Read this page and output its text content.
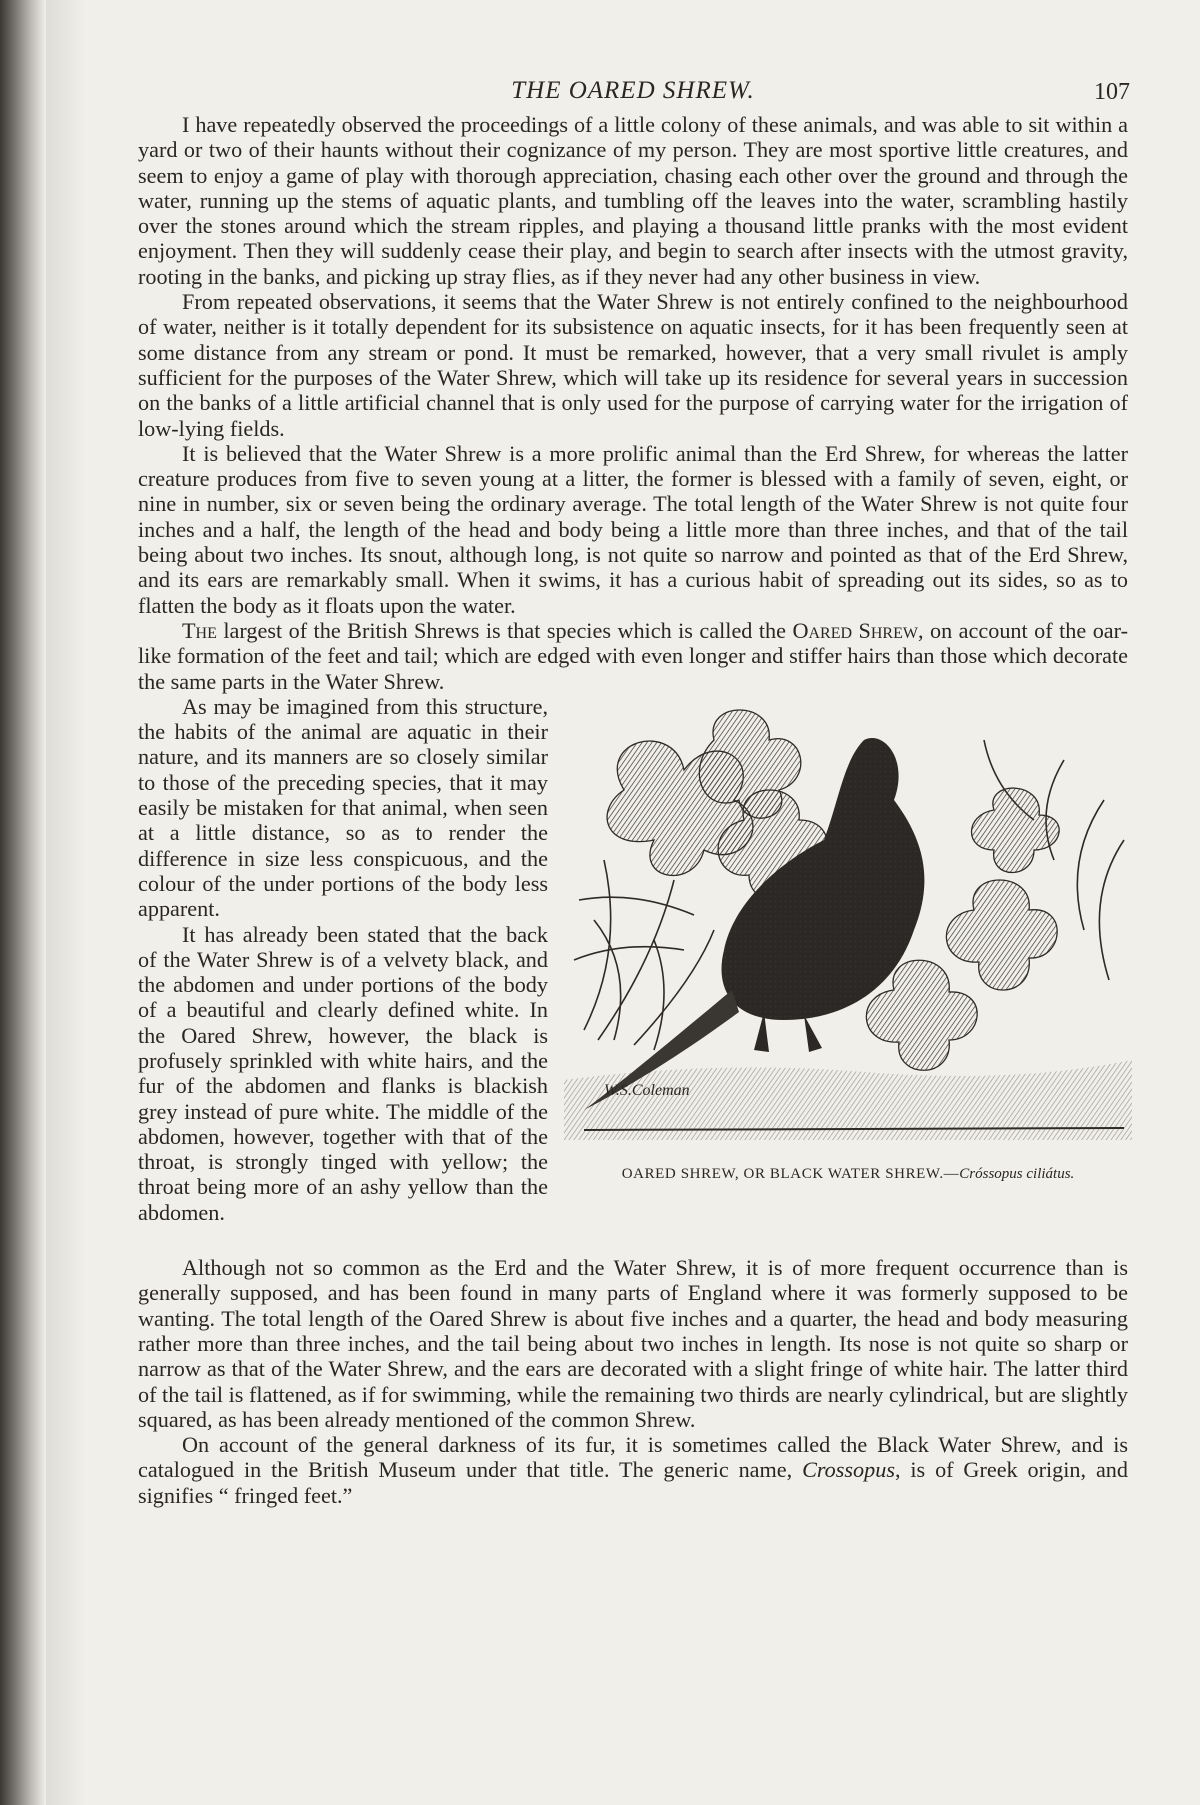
THE OARED SHREW.	107

I have repeatedly observed the proceedings of a little colony of these animals, and was able to sit within a yard or two of their haunts without their cognizance of my person. They are most sportive little creatures, and seem to enjoy a game of play with thorough appreciation, chasing each other over the ground and through the water, running up the stems of aquatic plants, and tumbling off the leaves into the water, scrambling hastily over the stones around which the stream ripples, and playing a thousand little pranks with the most evident enjoyment. Then they will suddenly cease their play, and begin to search after insects with the utmost gravity, rooting in the banks, and picking up stray flies, as if they never had any other business in view.

From repeated observations, it seems that the Water Shrew is not entirely confined to the neighbourhood of water, neither is it totally dependent for its subsistence on aquatic insects, for it has been frequently seen at some distance from any stream or pond. It must be remarked, however, that a very small rivulet is amply sufficient for the purposes of the Water Shrew, which will take up its residence for several years in succession on the banks of a little artificial channel that is only used for the purpose of carrying water for the irrigation of low-lying fields.

It is believed that the Water Shrew is a more prolific animal than the Erd Shrew, for whereas the latter creature produces from five to seven young at a litter, the former is blessed with a family of seven, eight, or nine in number, six or seven being the ordinary average. The total length of the Water Shrew is not quite four inches and a half, the length of the head and body being a little more than three inches, and that of the tail being about two inches. Its snout, although long, is not quite so narrow and pointed as that of the Erd Shrew, and its ears are remarkably small. When it swims, it has a curious habit of spreading out its sides, so as to flatten the body as it floats upon the water.

The largest of the British Shrews is that species which is called the Oared Shrew, on account of the oar-like formation of the feet and tail; which are edged with even longer and stiffer hairs than those which decorate the same parts in the Water Shrew.

W.S.Coleman
OARED SHREW, OR BLACK WATER SHREW.—Cróssopus ciliátus.

As may be imagined from this structure, the habits of the animal are aquatic in their nature, and its manners are so closely similar to those of the preceding species, that it may easily be mistaken for that animal, when seen at a little distance, so as to render the difference in size less conspicuous, and the colour of the under portions of the body less apparent.

It has already been stated that the back of the Water Shrew is of a velvety black, and the abdomen and under portions of the body of a beautiful and clearly defined white. In the Oared Shrew, however, the black is profusely sprinkled with white hairs, and the fur of the abdomen and flanks is blackish grey instead of pure white. The middle of the abdomen, however, together with that of the throat, is strongly tinged with yellow; the throat being more of an ashy yellow than the abdomen.

Although not so common as the Erd and the Water Shrew, it is of more frequent occurrence than is generally supposed, and has been found in many parts of England where it was formerly supposed to be wanting. The total length of the Oared Shrew is about five inches and a quarter, the head and body measuring rather more than three inches, and the tail being about two inches in length. Its nose is not quite so sharp or narrow as that of the Water Shrew, and the ears are decorated with a slight fringe of white hair. The latter third of the tail is flattened, as if for swimming, while the remaining two thirds are nearly cylindrical, but are slightly squared, as has been already mentioned of the common Shrew.

On account of the general darkness of its fur, it is sometimes called the Black Water Shrew, and is catalogued in the British Museum under that title. The generic name, Crossopus, is of Greek origin, and signifies “ fringed feet.”
